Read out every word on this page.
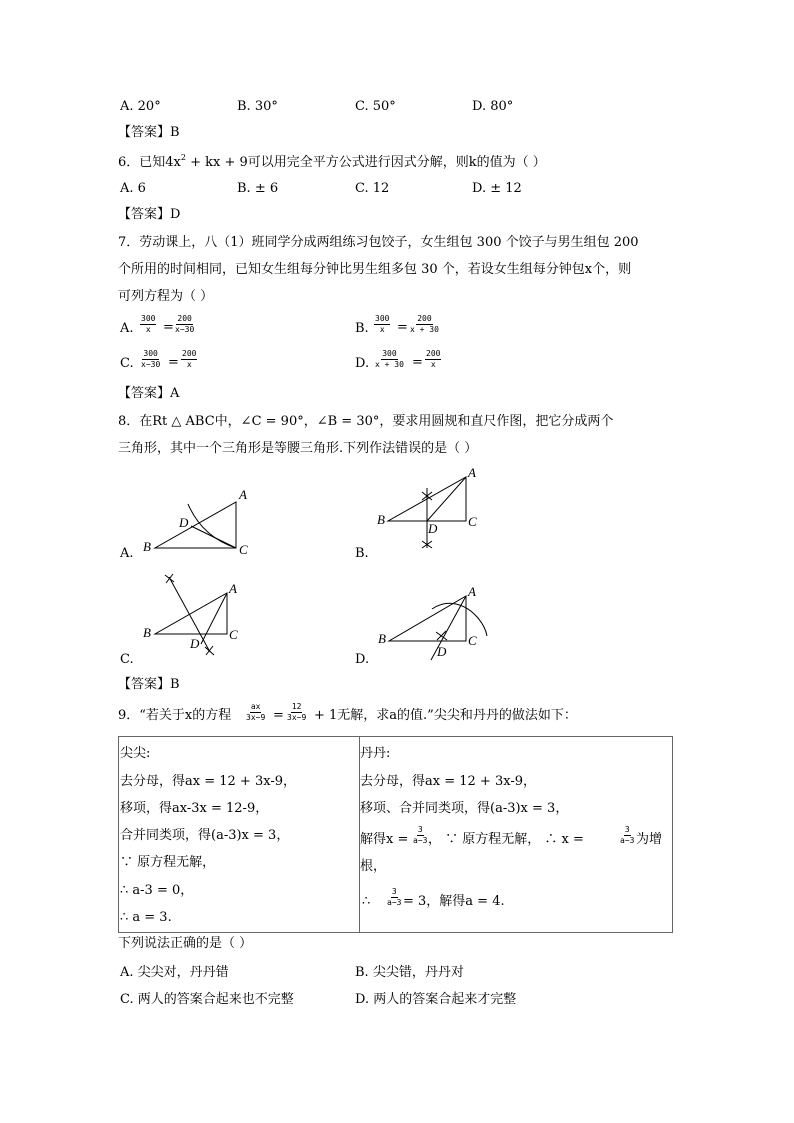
A. 20°	B. 30°	C. 50°	D. 80°
【答案】B
6．已知$4x^2$ + kx + 9可以用完全平方公式进行因式分解，则k的值为（ ）
A. 6	B. ± 6	C. 12	D. ± 12
【答案】D
7．劳动课上，八（1）班同学分成两组练习包饺子，女生组包 300 个饺子与男生组包 200
个所用的时间相同，已知女生组每分钟比男生组多包 30 个，若设女生组每分钟包x个，则
可列方程为（ ）
A. $\frac{300}{x} = \frac{200}{x-30}$	B. $\frac{300}{x} = \frac{200}{x + 30}$
C. $\frac{300}{x-30} = \frac{200}{x}$	D. $\frac{300}{x + 30} = \frac{200}{x}$
【答案】A
8．在Rt △ ABC中，∠C = 90°，∠B = 30°，要求用圆规和直尺作图，把它分成两个
三角形，其中一个三角形是等腰三角形.下列作法错误的是（ ）
A.
A
B	C
D
B.
A
B	C
D
C.
A
B	C
D
D.
A
B	C
D
【答案】B
9．“若关于x的方程 $\frac{ax}{3x-9} = \frac{12}{3x-9} + 1$无解，求a的值.”尖尖和丹丹的做法如下：
尖尖:
去分母，得ax = 12 + 3x-9，
移项，得ax-3x = 12-9，
合并同类项，得(a-3)x = 3，
∵ 原方程无解，
∴ a-3 = 0，
∴ a = 3.
丹丹:
去分母，得ax = 12 + 3x-9，
移项、合并同类项，得(a-3)x = 3，
解得$x = \frac{3}{a-3}$ ， ∵ 原方程无解， ∴ x =	$\frac{3}{a-3}$ 为增
根，
∴ $\frac{3}{a-3} = 3$，解得a = 4.
下列说法正确的是（ ）
A. 尖尖对，丹丹错	B. 尖尖错，丹丹对
C. 两人的答案合起来也不完整	D. 两人的答案合起来才完整
